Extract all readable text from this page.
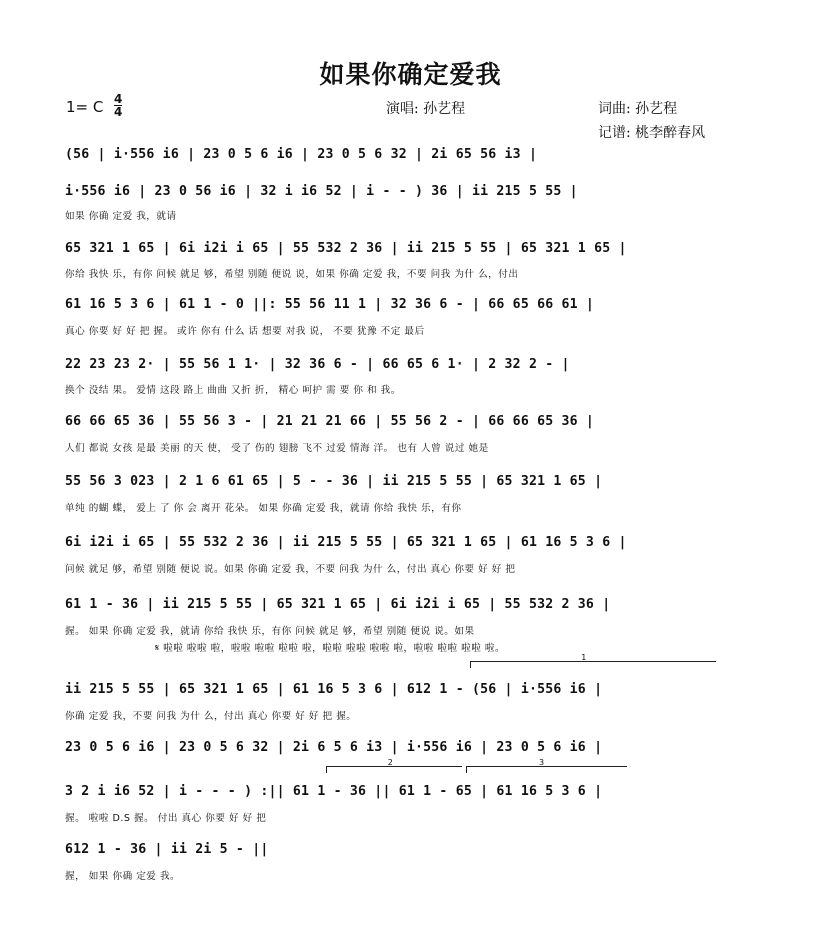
如果你确定爱我
1= C 4
4	演唱: 孙艺程	词曲: 孙艺程
记谱: 桃李醉春风
(56 | i·556 i6 | 23 0 5 6 i6 | 23 0 5 6 32 | 2i 65 56 i3 |
i·556 i6 | 23 0 56 i6 | 32 i i6 52 | i - - ) 36 | ii 215 5 55 |
如果 你确 定爱 我，就请
65 321 1 65 | 6i i2i i 65 | 55 532 2 36 | ii 215 5 55 | 65 321 1 65 |
你给 我快 乐，有你 问候 就足 够，希望 别随 便说 说，如果 你确 定爱 我，不要 问我 为什 么，付出
61 16 5 3 6 | 61 1 - 0 ||: 55 56 11 1 | 32 36 6 - | 66 65 66 61 |
真心 你要 好 好 把 握。 或许 你有 什么 话 想要 对我 说， 不要 犹豫 不定 最后
22 23 23 2· | 55 56 1 1· | 32 36 6 - | 66 65 6 1· | 2 32 2 - |
换个 没结 果。 爱情 这段 路上 曲曲 又折 折， 精心 呵护 需 要 你 和 我。
66 66 65 36 | 55 56 3 - | 21 21 21 66 | 55 56 2 - | 66 66 65 36 |
人们 都说 女孩 是最 美丽 的天 使， 受了 伤的 翅膀 飞不 过爱 情海 洋。 也有 人曾 说过 她是
55 56 3 023 | 2 1 6 61 65 | 5 - - 36 | ii 215 5 55 | 65 321 1 65 |
单纯 的蝴 蝶， 爱上 了 你 会 离开 花朵。 如果 你确 定爱 我，就请 你给 我快 乐，有你
6i i2i i 65 | 55 532 2 36 | ii 215 5 55 | 65 321 1 65 | 61 16 5 3 6 |
问候 就足 够，希望 别随 便说 说。如果 你确 定爱 我，不要 问我 为什 么，付出 真心 你要 好 好 把
61 1 - 36 | ii 215 5 55 | 65 321 1 65 | 6i i2i i 65 | 55 532 2 36 |
握。 如果 你确 定爱 我，就请 你给 我快 乐，有你 问候 就足 够，希望 别随 便说 说。如果
𝄋 啦啦 啦啦 啦，啦啦 啦啦 啦啦 啦，啦啦 啦啦 啦啦 啦，啦啦 啦啦 啦啦 啦。
1
ii 215 5 55 | 65 321 1 65 | 61 16 5 3 6 | 612 1 - (56 | i·556 i6 |
你确 定爱 我，不要 问我 为什 么，付出 真心 你要 好 好 把 握。
23 0 5 6 i6 | 23 0 5 6 32 | 2i 6 5 6 i3 | i·556 i6 | 23 0 5 6 i6 |
2	3
3 2 i i6 52 | i - - - ) :|| 61 1 - 36 || 61 1 - 65 | 61 16 5 3 6 |
握。 啦啦 D.S 握。 付出 真心 你要 好 好 把
612 1 - 36 | ii 2i 5 - ||
握， 如果 你确 定爱 我。
